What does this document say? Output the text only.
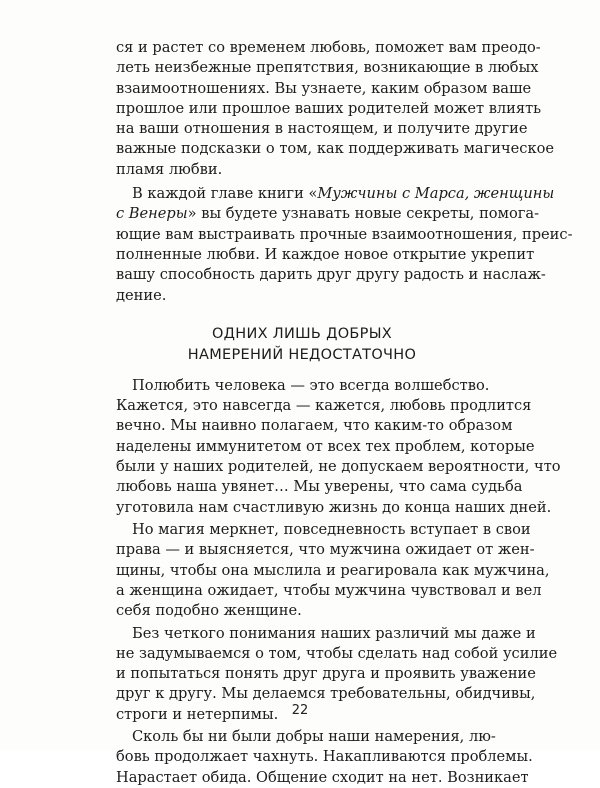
ся и растет со временем любовь, поможет вам преодо-
леть неизбежные препятствия, возникающие в любых
взаимоотношениях. Вы узнаете, каким образом ваше
прошлое или прошлое ваших родителей может влиять
на ваши отношения в настоящем, и получите другие
важные подсказки о том, как поддерживать магическое
пламя любви.
В каждой главе книги «Мужчины с Марса, женщины
с Венеры» вы будете узнавать новые секреты, помога-
ющие вам выстраивать прочные взаимоотношения, преис-
полненные любви. И каждое новое открытие укрепит
вашу способность дарить друг другу радость и наслаж-
дение.
ОДНИХ ЛИШЬ ДОБРЫХ
НАМЕРЕНИЙ НЕДОСТАТОЧНО
Полюбить человека — это всегда волшебство.
Кажется, это навсегда — кажется, любовь продлится
вечно. Мы наивно полагаем, что каким-то образом
наделены иммунитетом от всех тех проблем, которые
были у наших родителей, не допускаем вероятности, что
любовь наша увянет… Мы уверены, что сама судьба
уготовила нам счастливую жизнь до конца наших дней.
Но магия меркнет, повседневность вступает в свои
права — и выясняется, что мужчина ожидает от жен-
щины, чтобы она мыслила и реагировала как мужчина,
а женщина ожидает, чтобы мужчина чувствовал и вел
себя подобно женщине.
Без четкого понимания наших различий мы даже и
не задумываемся о том, чтобы сделать над собой усилие
и попытаться понять друг друга и проявить уважение
друг к другу. Мы делаемся требовательны, обидчивы,
строги и нетерпимы.
Сколь бы ни были добры наши намерения, лю-
бовь продолжает чахнуть. Накапливаются проблемы.
Нарастает обида. Общение сходит на нет. Возникает
22
